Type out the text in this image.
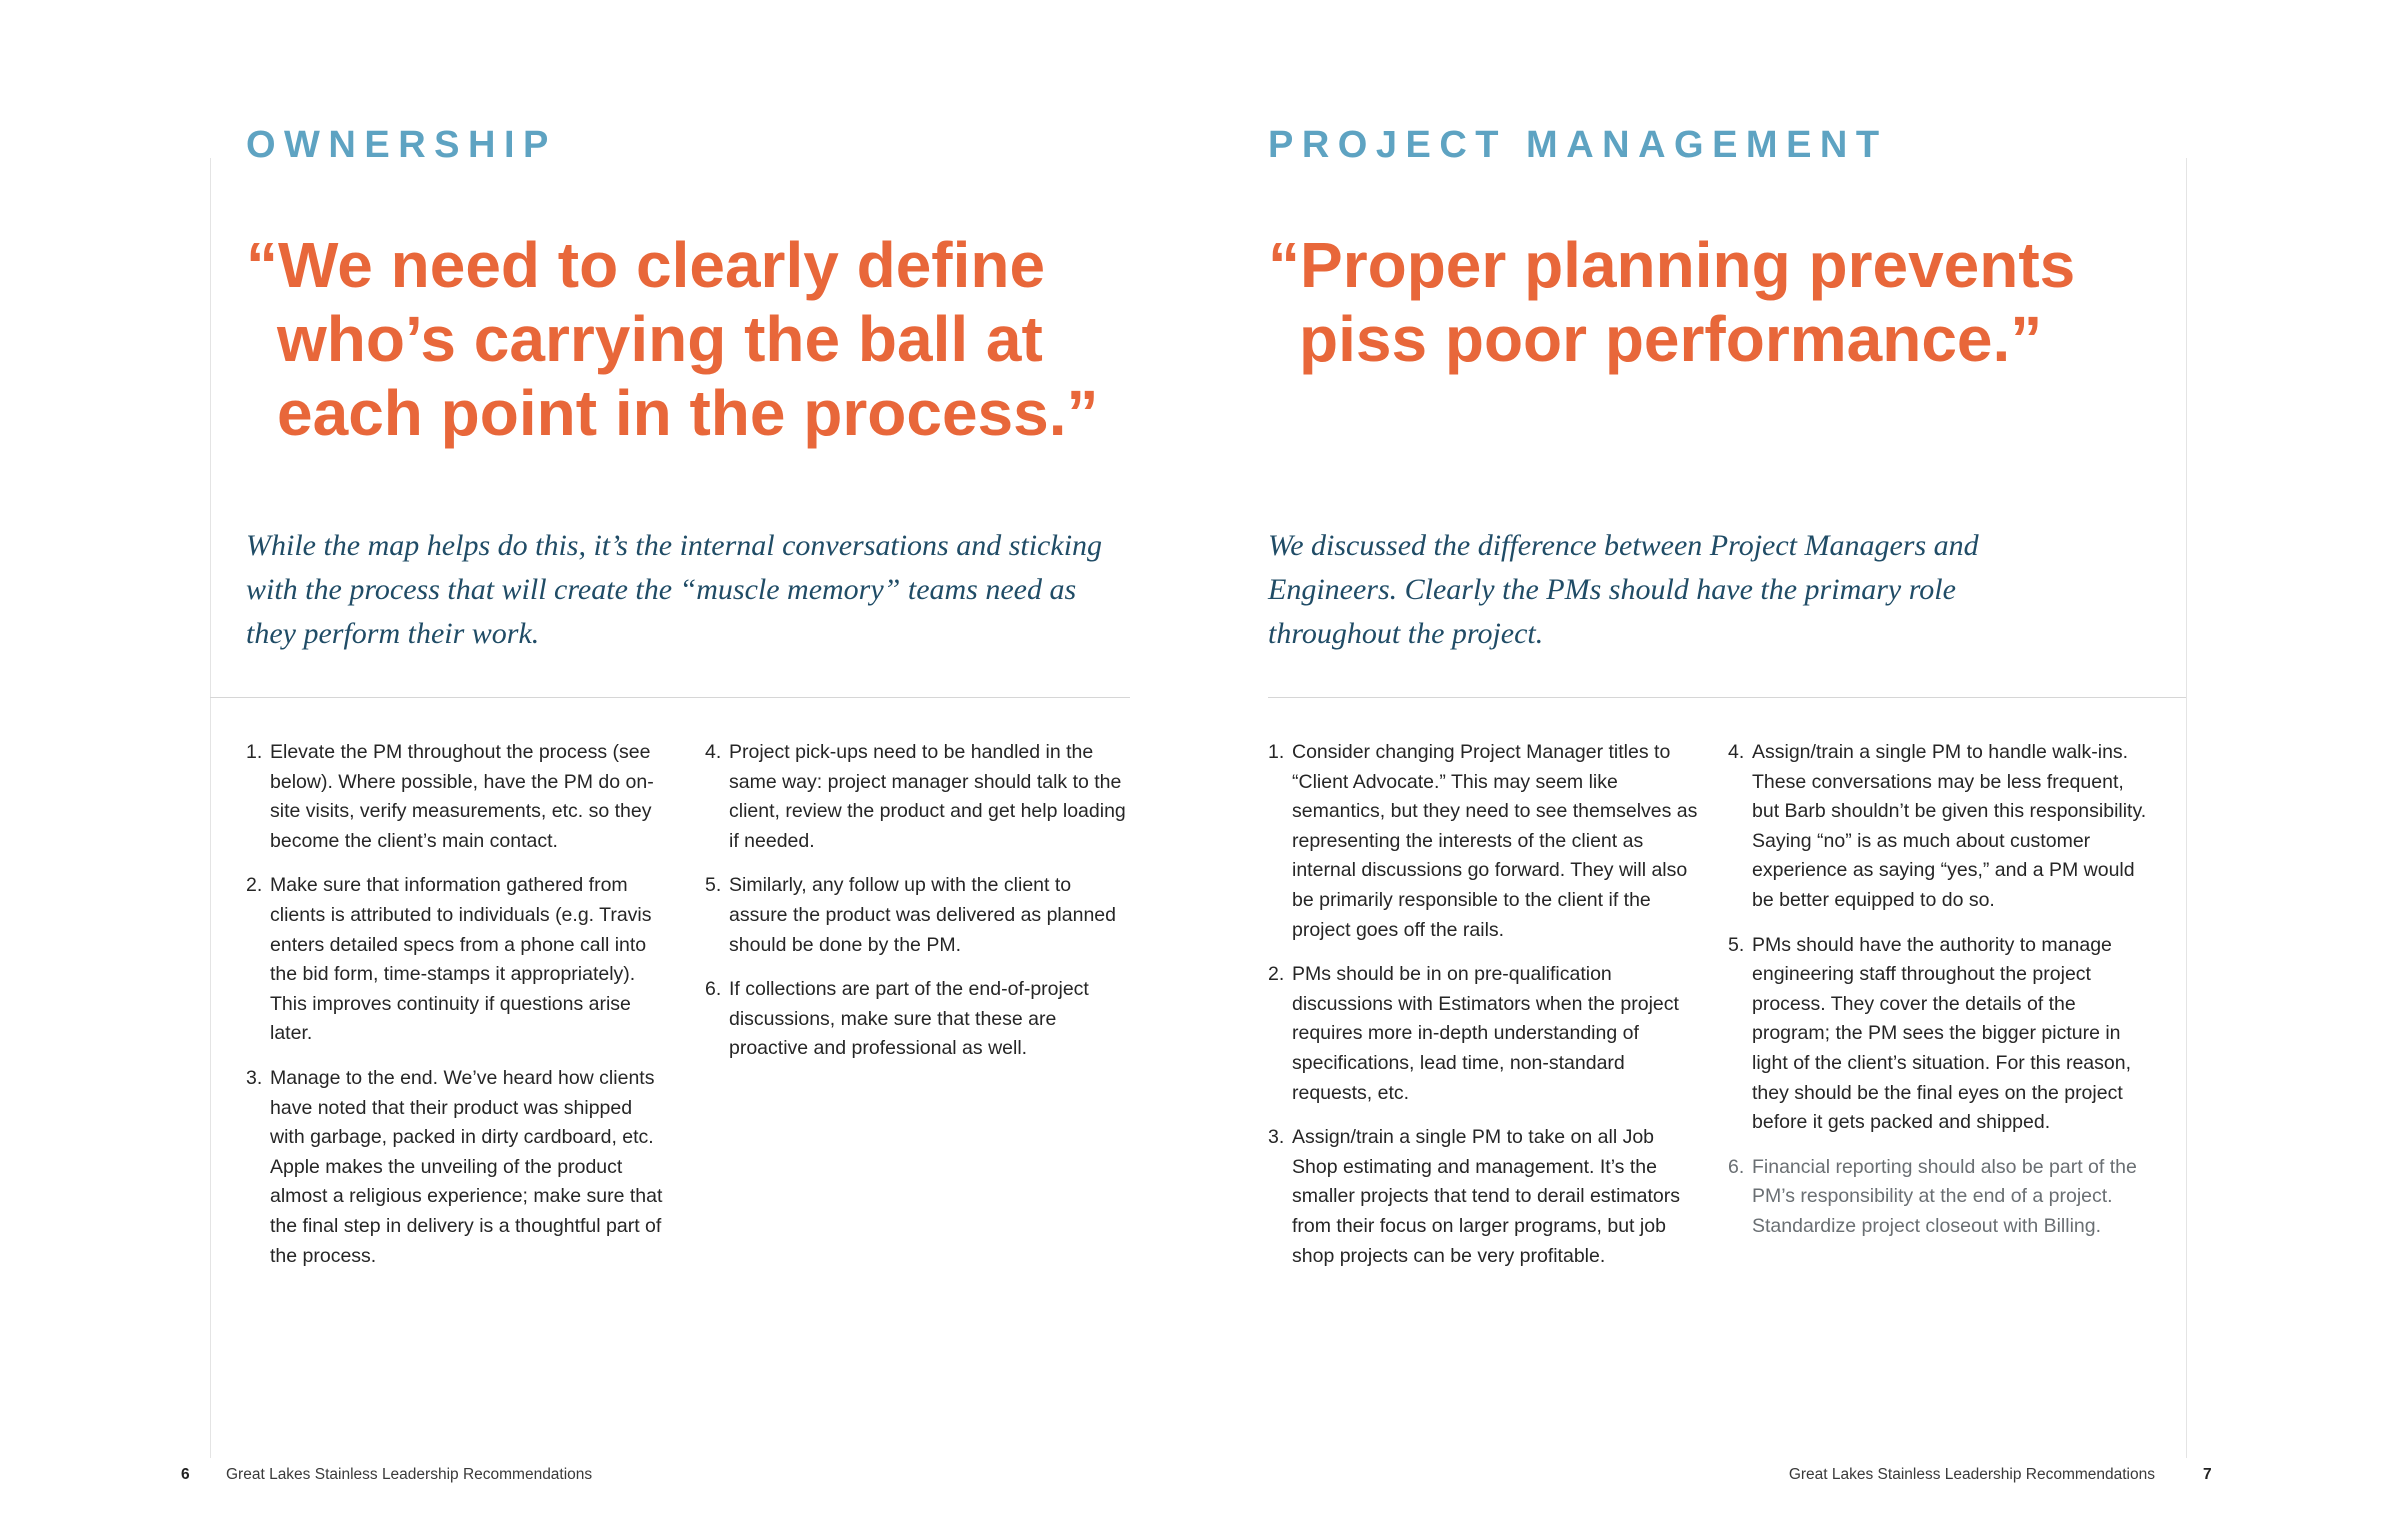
OWNERSHIP

“We need to clearly define
who’s carrying the ball at
each point in the process.”

While the map helps do this, it’s the internal conversations and sticking with the process that will create the “muscle memory” teams need as they perform their work.

1. Elevate the PM throughout the process (see below). Where possible, have the PM do on-site visits, verify measurements, etc. so they become the client’s main contact.
2. Make sure that information gathered from clients is attributed to individuals (e.g. Travis enters detailed specs from a phone call into the bid form, time-stamps it appropriately). This improves continuity if questions arise later.
3. Manage to the end. We’ve heard how clients have noted that their product was shipped with garbage, packed in dirty cardboard, etc. Apple makes the unveiling of the product almost a religious experience; make sure that the final step in delivery is a thoughtful part of the process.
4. Project pick-ups need to be handled in the same way: project manager should talk to the client, review the product and get help loading if needed.
5. Similarly, any follow up with the client to assure the product was delivered as planned should be done by the PM.
6. If collections are part of the end-of-project discussions, make sure that these are proactive and professional as well.
6 Great Lakes Stainless Leadership Recommendations
PROJECT MANAGEMENT

“Proper planning prevents
piss poor performance.”

We discussed the difference between Project Managers and Engineers. Clearly the PMs should have the primary role throughout the project.

1. Consider changing Project Manager titles to “Client Advocate.” This may seem like semantics, but they need to see themselves as representing the interests of the client as internal discussions go forward. They will also be primarily responsible to the client if the project goes off the rails.
2. PMs should be in on pre-qualification discussions with Estimators when the project requires more in-depth understanding of specifications, lead time, non-standard requests, etc.
3. Assign/train a single PM to take on all Job Shop estimating and management. It’s the smaller projects that tend to derail estimators from their focus on larger programs, but job shop projects can be very profitable.
4. Assign/train a single PM to handle walk-ins. These conversations may be less frequent, but Barb shouldn’t be given this responsibility. Saying “no” is as much about customer experience as saying “yes,” and a PM would be better equipped to do so.
5. PMs should have the authority to manage engineering staff throughout the project process. They cover the details of the program; the PM sees the bigger picture in light of the client’s situation. For this reason, they should be the final eyes on the project before it gets packed and shipped.
6. Financial reporting should also be part of the PM’s responsibility at the end of a project. Standardize project closeout with Billing.
Great Lakes Stainless Leadership Recommendations	7
